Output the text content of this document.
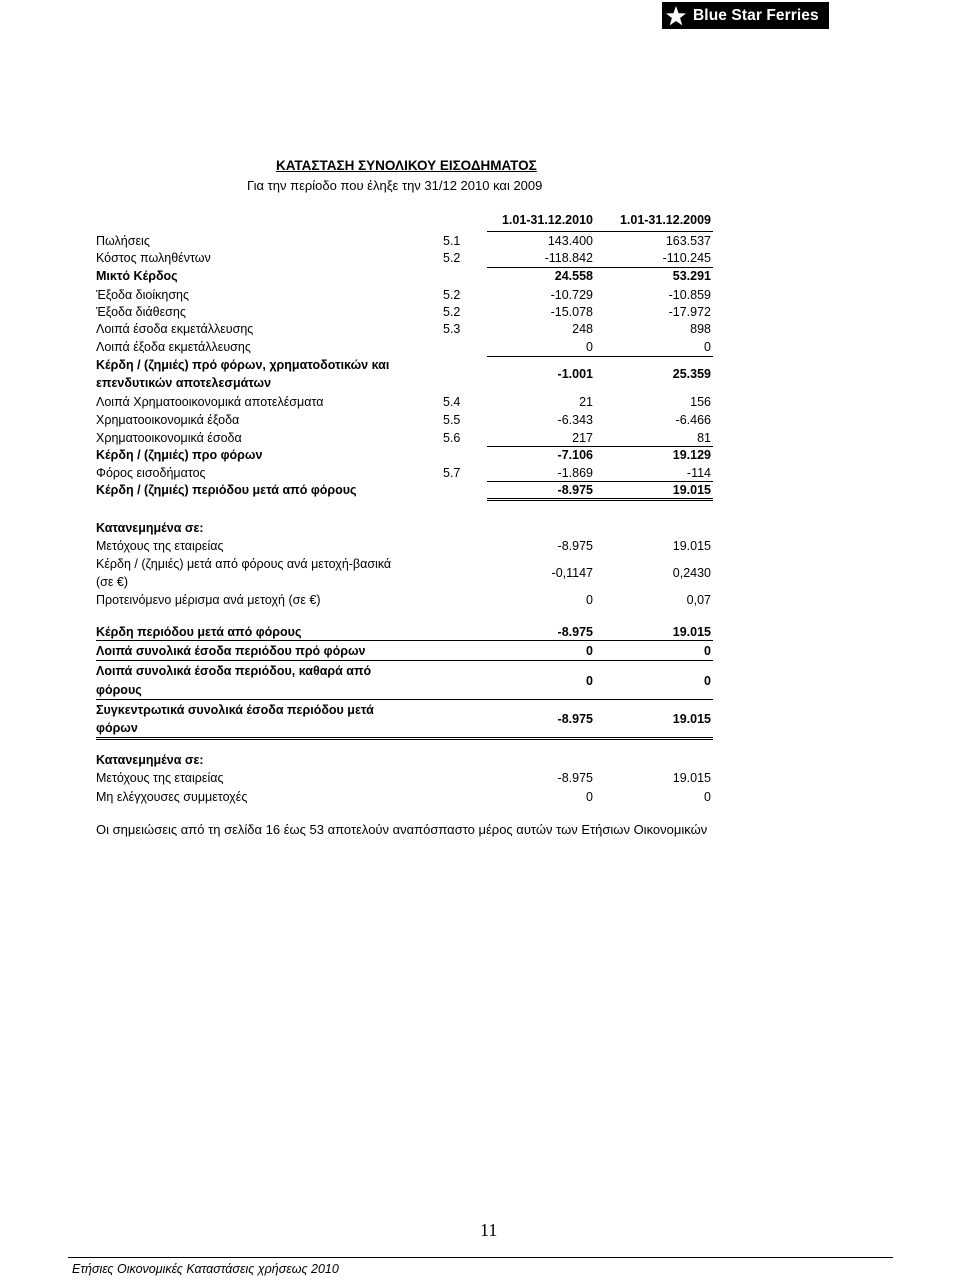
Blue Star Ferries
ΚΑΤΑΣΤΑΣΗ ΣΥΝΟΛΙΚΟΥ ΕΙΣΟΔΗΜΑΤΟΣ
Για την περίοδο που έληξε την 31/12 2010 και 2009
1.01-31.12.2010 1.01-31.12.2009
Πωλήσεις	5.1	143.400	163.537
Κόστος πωληθέντων	5.2	-118.842	-110.245
Μικτό Κέρδος	24.558	53.291
Έξοδα διοίκησης	5.2	-10.729	-10.859
Έξοδα διάθεσης	5.2	-15.078	-17.972
Λοιπά έσοδα εκμετάλλευσης	5.3	248	898
Λοιπά έξοδα εκμετάλλευσης	0	0
Κέρδη / (ζημιές) πρό φόρων, χρηματοδοτικών και
επενδυτικών αποτελεσμάτων
-1.001	25.359
Λοιπά Χρηματοοικονομικά αποτελέσματα	5.4	21	156
Χρηματοοικονομικά έξοδα	5.5	-6.343	-6.466
Χρηματοοικονομικά έσοδα	5.6	217	81
Κέρδη / (ζημιές) προ φόρων	-7.106	19.129
Φόρος εισοδήματος	5.7	-1.869	-114
Κέρδη / (ζημιές) περιόδου μετά από φόρους	-8.975	19.015
Κατανεμημένα σε:
Μετόχους της εταιρείας	-8.975	19.015
Κέρδη / (ζημιές) μετά από φόρους ανά μετοχή-βασικά
(σε €)
-0,1147	0,2430
Προτεινόμενο μέρισμα ανά μετοχή (σε €)	0	0,07
Κέρδη περιόδου μετά από φόρους	-8.975	19.015
Λοιπά συνολικά έσοδα περιόδου πρό φόρων	0	0
Λοιπά συνολικά έσοδα περιόδου, καθαρά από
φόρους
0	0
Συγκεντρωτικά συνολικά έσοδα περιόδου μετά
φόρων
-8.975	19.015
Κατανεμημένα σε:
Μετόχους της εταιρείας	-8.975	19.015
Μη ελέγχουσες συμμετοχές	0	0
Οι σημειώσεις από τη σελίδα 16 έως 53 αποτελούν αναπόσπαστο μέρος αυτών των Ετήσιων Οικονομικών
11
Ετήσιες Οικονομικές Καταστάσεις χρήσεως 2010
